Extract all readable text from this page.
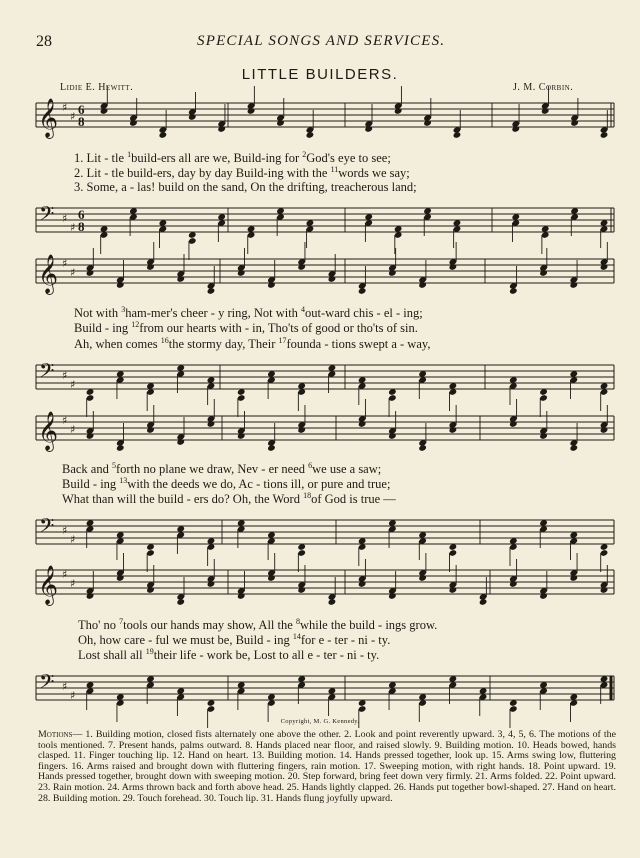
28	SPECIAL SONGS AND SERVICES.
LITTLE BUILDERS.
Lidie E. Hewitt.	J. M. Corbin.
𝄞 ♯
♯ 6
8
𝄢 ♯
♯
6
8
𝄞 ♯
♯
𝄢 ♯
♯
𝄞 ♯
♯
𝄢 ♯
♯
𝄞 ♯
♯
𝄢 ♯
♯
1. Lit - tle $^1$build-ers all are we, Build-ing for $^2$God's eye to see;
2. Lit - tle build-ers, day by day Build-ing with the $^{11}$words we say;
3. Some, a - las! build on the sand, On the drifting, treacherous land;
Not with $^3$ham-mer's cheer - y ring, Not with $^4$out-ward chis - el - ing;
Build - ing $^{12}$from our hearts with - in, Tho'ts of good or tho'ts of sin.
Ah, when comes $^{16}$the stormy day, Their $^{17}$founda - tions swept a - way,
Back and $^5$forth no plane we draw, Nev - er need $^6$we use a saw;
Build - ing $^{13}$with the deeds we do, Ac - tions ill, or pure and true;
What than will the build - ers do? Oh, the Word $^{18}$of God is true —
Tho' no $^7$tools our hands may show, All the $^8$while the build - ings grow.
Oh, how care - ful we must be, Build - ing $^{14}$for e - ter - ni - ty.
Lost shall all $^{19}$their life - work be, Lost to all e - ter - ni - ty.
Copyright, M. G. Kennedy.
Motions— 1. Building motion, closed fists alternately one above the other. 2. Look and point reverently upward. 3, 4, 5, 6. The motions of the tools mentioned. 7. Present hands, palms outward. 8. Hands placed near floor, and raised slowly. 9. Building motion. 10. Heads bowed, hands clasped. 11. Finger touching lip. 12. Hand on heart. 13. Building motion. 14. Hands pressed together, look up. 15. Arms swing low, fluttering fingers. 16. Arms raised and brought down with fluttering fingers, rain motion. 17. Sweeping motion, with right hands. 18. Point upward. 19. Hands pressed together, brought down with sweeping motion. 20. Step forward, bring feet down very firmly. 21. Arms folded. 22. Point upward. 23. Rain motion. 24. Arms thrown back and forth above head. 25. Hands lightly clapped. 26. Hands put together bowl-shaped. 27. Hand on heart. 28. Building motion. 29. Touch forehead. 30. Touch lip. 31. Hands flung joyfully upward.
